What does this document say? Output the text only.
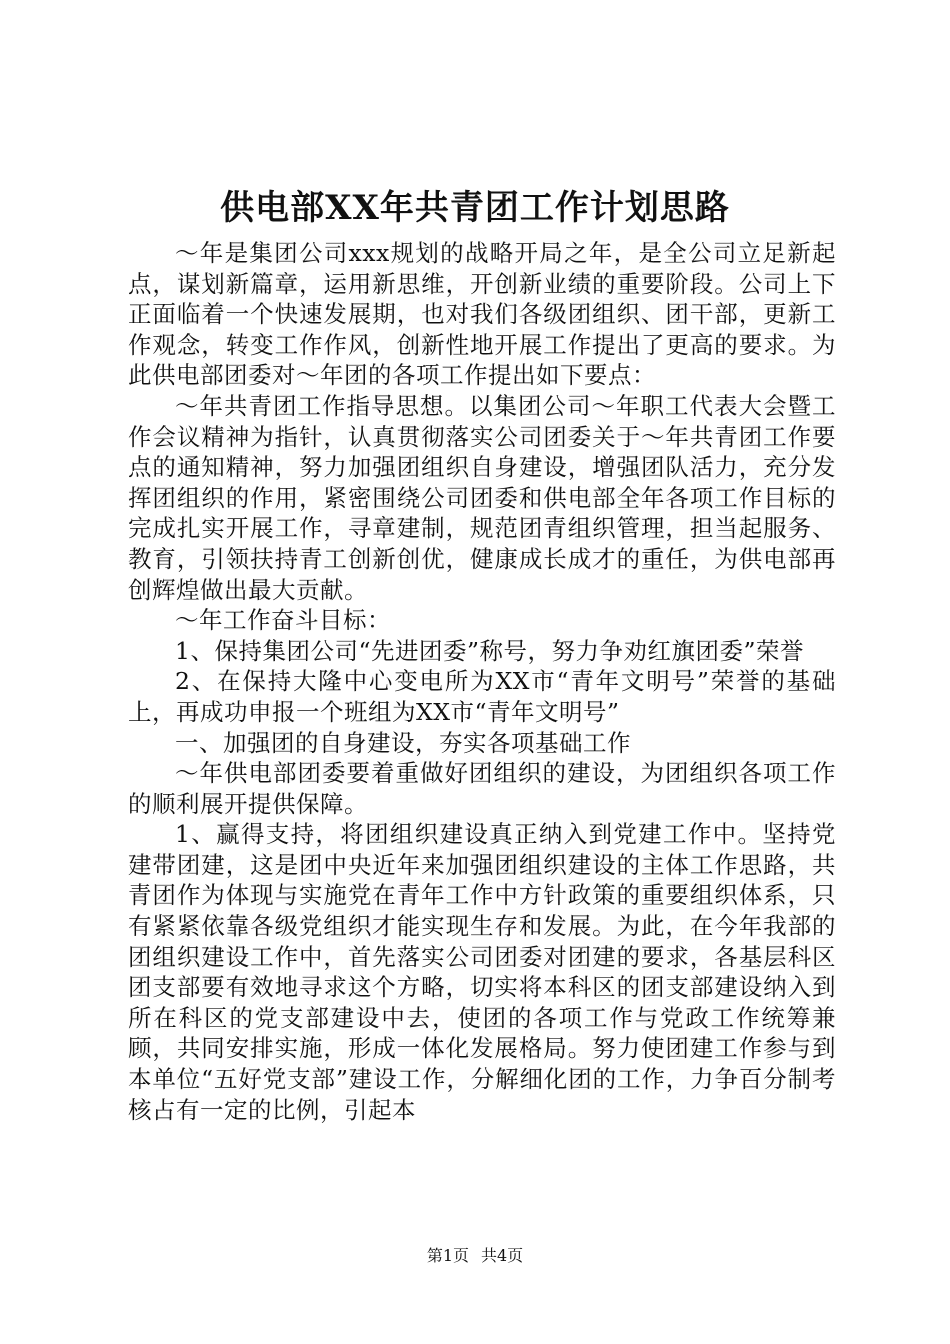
供电部XX年共青团工作计划思路

～年是集团公司xxx规划的战略开局之年，是全公司立足新起点，谋划新篇章，运用新思维，开创新业绩的重要阶段。公司上下正面临着一个快速发展期，也对我们各级团组织、团干部，更新工作观念，转变工作作风，创新性地开展工作提出了更高的要求。为此供电部团委对～年团的各项工作提出如下要点：

～年共青团工作指导思想。以集团公司～年职工代表大会暨工作会议精神为指针，认真贯彻落实公司团委关于～年共青团工作要点的通知精神，努力加强团组织自身建设，增强团队活力，充分发挥团组织的作用，紧密围绕公司团委和供电部全年各项工作目标的完成扎实开展工作，寻章建制，规范团青组织管理，担当起服务、教育，引领扶持青工创新创优，健康成长成才的重任，为供电部再创辉煌做出最大贡献。

～年工作奋斗目标：

1、保持集团公司“先进团委”称号，努力争劝红旗团委”荣誉

2、在保持大隆中心变电所为XX市“青年文明号”荣誉的基础上，再成功申报一个班组为XX市“青年文明号”

一、加强团的自身建设，夯实各项基础工作

～年供电部团委要着重做好团组织的建设，为团组织各项工作的顺利展开提供保障。

1、赢得支持，将团组织建设真正纳入到党建工作中。坚持党建带团建，这是团中央近年来加强团组织建设的主体工作思路，共青团作为体现与实施党在青年工作中方针政策的重要组织体系，只有紧紧依靠各级党组织才能实现生存和发展。为此，在今年我部的团组织建设工作中，首先落实公司团委对团建的要求，各基层科区团支部要有效地寻求这个方略，切实将本科区的团支部建设纳入到所在科区的党支部建设中去，使团的各项工作与党政工作统筹兼顾，共同安排实施，形成一体化发展格局。努力使团建工作参与到本单位“五好党支部”建设工作，分解细化团的工作，力争百分制考核占有一定的比例，引起本

第1页 共4页
